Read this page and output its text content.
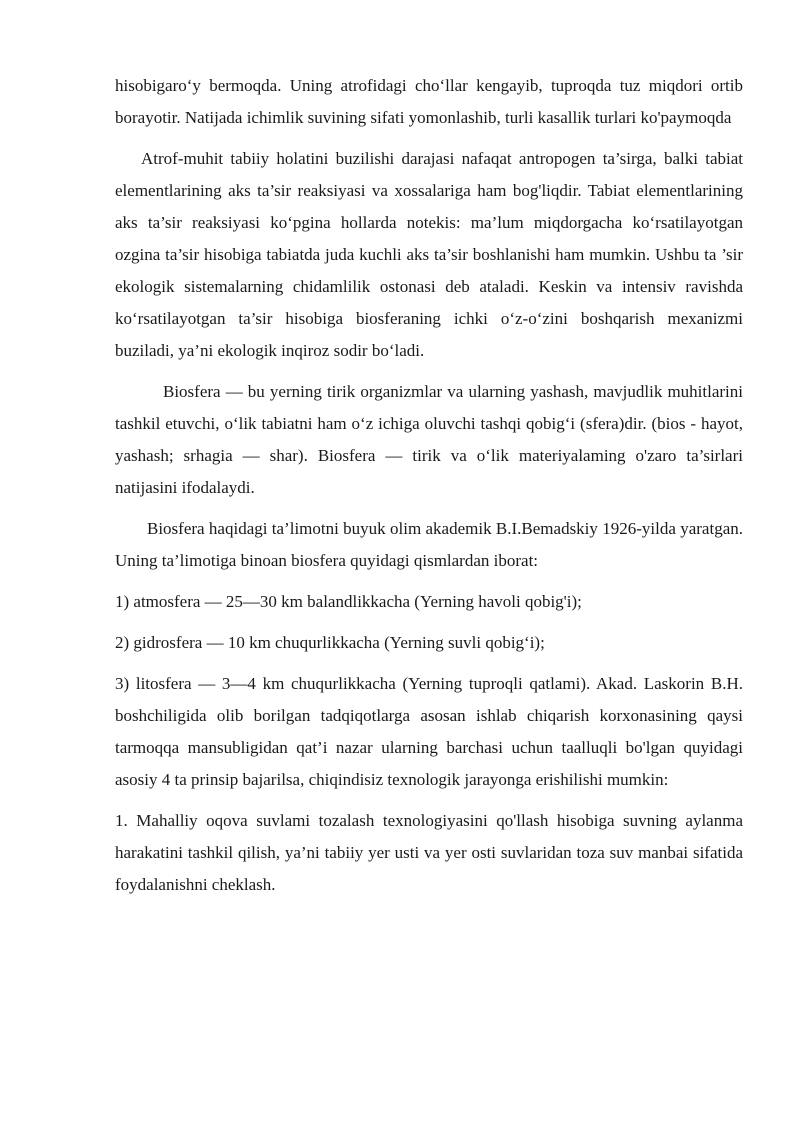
hisobigaro‘y bermoqda. Uning atrofidagi cho‘llar kengayib, tuproqda tuz miqdori ortib borayotir. Natijada ichimlik suvining sifati yomonlashib, turli kasallik turlari ko'paymoqda

Atrof-muhit tabiiy holatini buzilishi darajasi nafaqat antropogen ta’sirga, balki tabiat elementlarining aks ta’sir reaksiyasi va xossalariga ham bog'liqdir. Tabiat elementlarining aks ta’sir reaksiyasi ko‘pgina hollarda notekis: ma’lum miqdorgacha ko‘rsatilayotgan ozgina ta’sir hisobiga tabiatda juda kuchli aks ta’sir boshlanishi ham mumkin. Ushbu ta ’sir ekologik sistemalarning chidamlilik ostonasi deb ataladi. Keskin va intensiv ravishda ko‘rsatilayotgan ta’sir hisobiga biosferaning ichki o‘z-o‘zini boshqarish mexanizmi buziladi, ya’ni ekologik inqiroz sodir bo‘ladi.

Biosfera — bu yerning tirik organizmlar va ularning yashash, mavjudlik muhitlarini tashkil etuvchi, o‘lik tabiatni ham o‘z ichiga oluvchi tashqi qobig‘i (sfera)dir. (bios - hayot, yashash; srhagia — shar). Biosfera — tirik va o‘lik materiyalaming o'zaro ta’sirlari natijasini ifodalaydi.

Biosfera haqidagi ta’limotni buyuk olim akademik B.I.Bemadskiy 1926-yilda yaratgan. Uning ta’limotiga binoan biosfera quyidagi qismlardan iborat:

1) atmosfera — 25—30 km balandlikkacha (Yerning havoli qobig'i);

2) gidrosfera — 10 km chuqurlikkacha (Yerning suvli qobig‘i);

3) litosfera — 3—4 km chuqurlikkacha (Yerning tuproqli qatlami). Akad. Laskorin B.H. boshchiligida olib borilgan tadqiqotlarga asosan ishlab chiqarish korxonasining qaysi tarmoqqa mansubligidan qat’i nazar ularning barchasi uchun taalluqli bo'lgan quyidagi asosiy 4 ta prinsip bajarilsa, chiqindisiz texnologik jarayonga erishilishi mumkin:

1. Mahalliy oqova suvlami tozalash texnologiyasini qo'llash hisobiga suvning aylanma harakatini tashkil qilish, ya’ni tabiiy yer usti va yer osti suvlaridan toza suv manbai sifatida foydalanishni cheklash.
